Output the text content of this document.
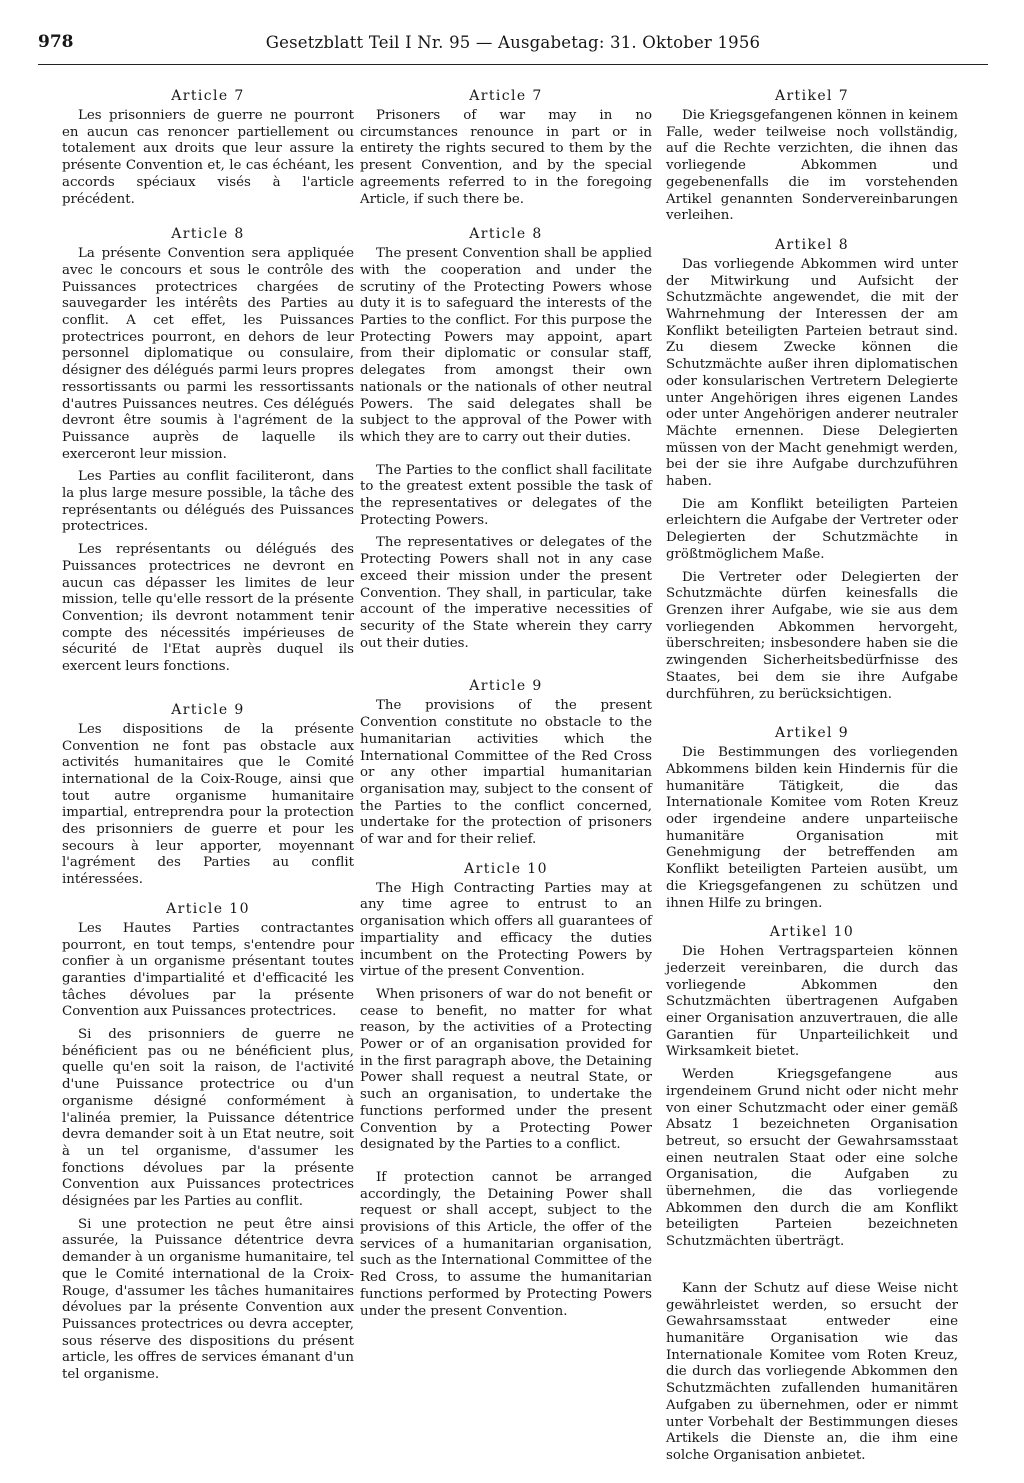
978	Gesetzblatt Teil I Nr. 95 — Ausgabetag: 31. Oktober 1956
Article 7

Les prisonniers de guerre ne pourront en aucun cas renoncer partiellement ou totalement aux droits que leur assure la présente Convention et, le cas échéant, les accords spéciaux visés à l'article précédent.

Article 8

La présente Convention sera appliquée avec le concours et sous le contrôle des Puissances protectrices chargées de sauvegarder les intérêts des Parties au conflit. A cet effet, les Puissances protectrices pourront, en dehors de leur personnel diplomatique ou consulaire, désigner des délégués parmi leurs propres ressortissants ou parmi les ressortissants d'autres Puissances neutres. Ces délégués devront être soumis à l'agrément de la Puissance auprès de laquelle ils exerceront leur mission.

Les Parties au conflit faciliteront, dans la plus large mesure possible, la tâche des représentants ou délégués des Puissances protectrices.

Les représentants ou délégués des Puissances protectrices ne devront en aucun cas dépasser les limites de leur mission, telle qu'elle ressort de la présente Convention; ils devront notamment tenir compte des nécessités impérieuses de sécurité de l'Etat auprès duquel ils exercent leurs fonctions.

Article 9

Les dispositions de la présente Convention ne font pas obstacle aux activités humanitaires que le Comité international de la Coix-Rouge, ainsi que tout autre organisme humanitaire impartial, entreprendra pour la protection des prisonniers de guerre et pour les secours à leur apporter, moyennant l'agrément des Parties au conflit intéressées.

Article 10

Les Hautes Parties contractantes pourront, en tout temps, s'entendre pour confier à un organisme présentant toutes garanties d'impartialité et d'efficacité les tâches dévolues par la présente Convention aux Puissances protectrices.

Si des prisonniers de guerre ne bénéficient pas ou ne bénéficient plus, quelle qu'en soit la raison, de l'activité d'une Puissance protectrice ou d'un organisme désigné conformément à l'alinéa premier, la Puissance détentrice devra demander soit à un Etat neutre, soit à un tel organisme, d'assumer les fonctions dévolues par la présente Convention aux Puissances protectrices désignées par les Parties au conflit.

Si une protection ne peut être ainsi assurée, la Puissance détentrice devra demander à un organisme humanitaire, tel que le Comité international de la Croix-Rouge, d'assumer les tâches humanitaires dévolues par la présente Convention aux Puissances protectrices ou devra accepter, sous réserve des dispositions du présent article, les offres de services émanant d'un tel organisme.

Article 7

Prisoners of war may in no circumstances renounce in part or in entirety the rights secured to them by the present Convention, and by the special agreements referred to in the foregoing Article, if such there be.

Article 8

The present Convention shall be applied with the cooperation and under the scrutiny of the Protecting Powers whose duty it is to safeguard the interests of the Parties to the conflict. For this purpose the Protecting Powers may appoint, apart from their diplomatic or consular staff, delegates from amongst their own nationals or the nationals of other neutral Powers. The said delegates shall be subject to the approval of the Power with which they are to carry out their duties.

The Parties to the conflict shall facilitate to the greatest extent possible the task of the representatives or delegates of the Protecting Powers.

The representatives or delegates of the Protecting Powers shall not in any case exceed their mission under the present Convention. They shall, in particular, take account of the imperative necessities of security of the State wherein they carry out their duties.

Article 9

The provisions of the present Convention constitute no obstacle to the humanitarian activities which the International Committee of the Red Cross or any other impartial humanitarian organisation may, subject to the consent of the Parties to the conflict concerned, undertake for the protection of prisoners of war and for their relief.

Article 10

The High Contracting Parties may at any time agree to entrust to an organisation which offers all guarantees of impartiality and efficacy the duties incumbent on the Protecting Powers by virtue of the present Convention.

When prisoners of war do not benefit or cease to benefit, no matter for what reason, by the activities of a Protecting Power or of an organisation provided for in the first paragraph above, the Detaining Power shall request a neutral State, or such an organisation, to undertake the functions performed under the present Convention by a Protecting Power designated by the Parties to a conflict.

If protection cannot be arranged accordingly, the Detaining Power shall request or shall accept, subject to the provisions of this Article, the offer of the services of a humanitarian organisation, such as the International Committee of the Red Cross, to assume the humanitarian functions performed by Protecting Powers under the present Convention.

Artikel 7

Die Kriegsgefangenen können in keinem Falle, weder teilweise noch vollständig, auf die Rechte verzichten, die ihnen das vorliegende Abkommen und gegebenenfalls die im vorstehenden Artikel genannten Sondervereinbarungen verleihen.

Artikel 8

Das vorliegende Abkommen wird unter der Mitwirkung und Aufsicht der Schutzmächte angewendet, die mit der Wahrnehmung der Interessen der am Konflikt beteiligten Parteien betraut sind. Zu diesem Zwecke können die Schutzmächte außer ihren diplomatischen oder konsularischen Vertretern Delegierte unter Angehörigen ihres eigenen Landes oder unter Angehörigen anderer neutraler Mächte ernennen. Diese Delegierten müssen von der Macht genehmigt werden, bei der sie ihre Aufgabe durchzuführen haben.

Die am Konflikt beteiligten Parteien erleichtern die Aufgabe der Vertreter oder Delegierten der Schutzmächte in größtmöglichem Maße.

Die Vertreter oder Delegierten der Schutzmächte dürfen keinesfalls die Grenzen ihrer Aufgabe, wie sie aus dem vorliegenden Abkommen hervorgeht, überschreiten; insbesondere haben sie die zwingenden Sicherheitsbedürfnisse des Staates, bei dem sie ihre Aufgabe durchführen, zu berücksichtigen.

Artikel 9

Die Bestimmungen des vorliegenden Abkommens bilden kein Hindernis für die humanitäre Tätigkeit, die das Internationale Komitee vom Roten Kreuz oder irgendeine andere unparteiische humanitäre Organisation mit Genehmigung der betreffenden am Konflikt beteiligten Parteien ausübt, um die Kriegsgefangenen zu schützen und ihnen Hilfe zu bringen.

Artikel 10

Die Hohen Vertragsparteien können jederzeit vereinbaren, die durch das vorliegende Abkommen den Schutzmächten übertragenen Aufgaben einer Organisation anzuvertrauen, die alle Garantien für Unparteilichkeit und Wirksamkeit bietet.

Werden Kriegsgefangene aus irgendeinem Grund nicht oder nicht mehr von einer Schutzmacht oder einer gemäß Absatz 1 bezeichneten Organisation betreut, so ersucht der Gewahrsamsstaat einen neutralen Staat oder eine solche Organisation, die Aufgaben zu übernehmen, die das vorliegende Abkommen den durch die am Konflikt beteiligten Parteien bezeichneten Schutzmächten überträgt.

Kann der Schutz auf diese Weise nicht gewährleistet werden, so ersucht der Gewahrsamsstaat entweder eine humanitäre Organisation wie das Internationale Komitee vom Roten Kreuz, die durch das vorliegende Abkommen den Schutzmächten zufallenden humanitären Aufgaben zu übernehmen, oder er nimmt unter Vorbehalt der Bestimmungen dieses Artikels die Dienste an, die ihm eine solche Organisation anbietet.
